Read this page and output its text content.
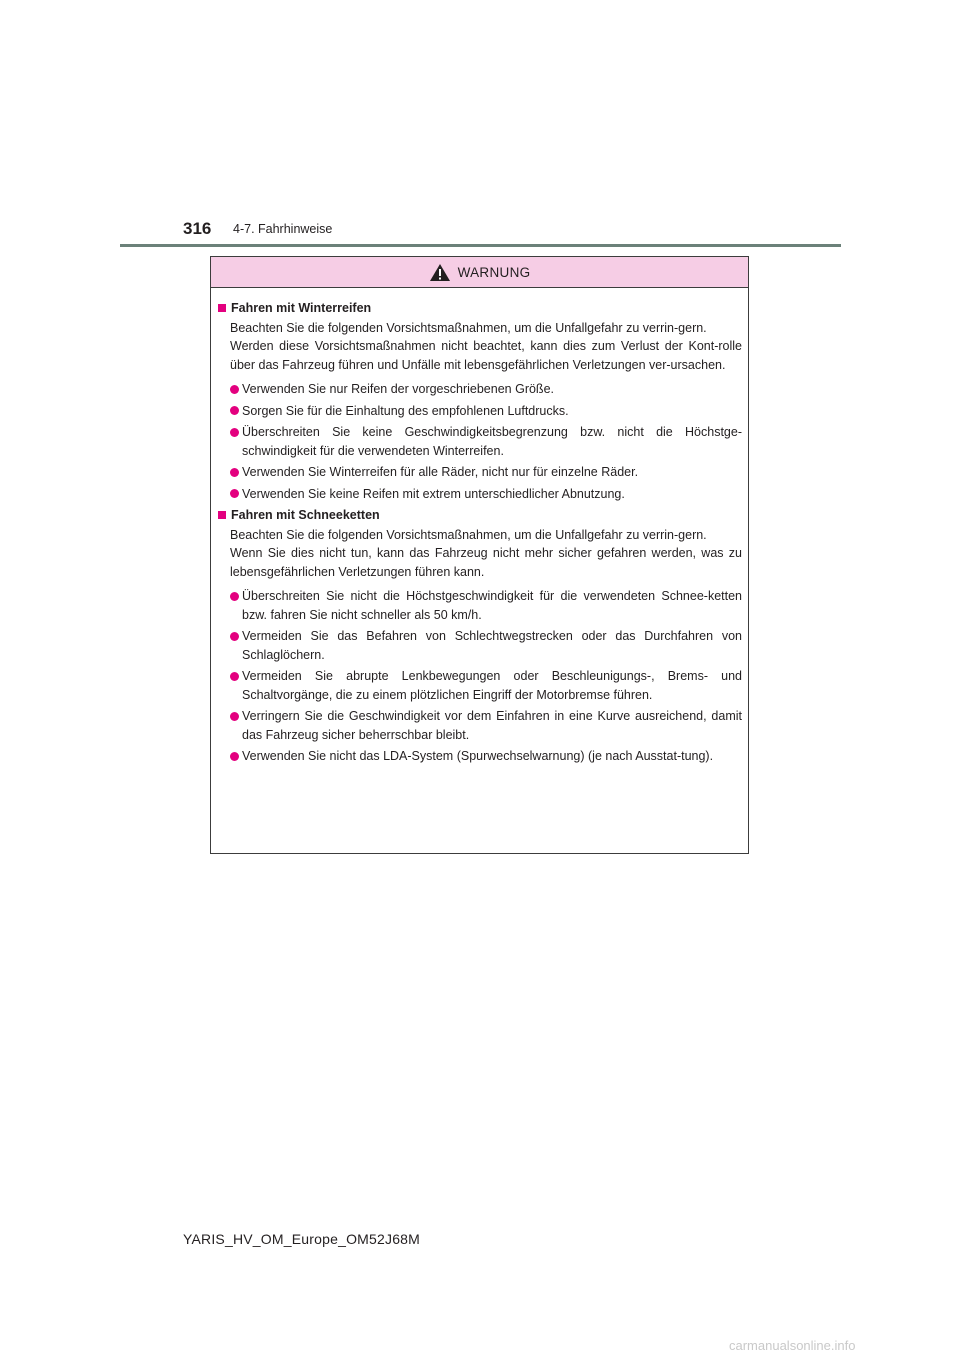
316 4-7. Fahrhinweise
WARNUNG
Fahren mit Winterreifen

Beachten Sie die folgenden Vorsichtsmaßnahmen, um die Unfallgefahr zu verrin-gern.

Werden diese Vorsichtsmaßnahmen nicht beachtet, kann dies zum Verlust der Kont-rolle über das Fahrzeug führen und Unfälle mit lebensgefährlichen Verletzungen ver-ursachen.

Verwenden Sie nur Reifen der vorgeschriebenen Größe.
Sorgen Sie für die Einhaltung des empfohlenen Luftdrucks.
Überschreiten Sie keine Geschwindigkeitsbegrenzung bzw. nicht die Höchstge-schwindigkeit für die verwendeten Winterreifen.
Verwenden Sie Winterreifen für alle Räder, nicht nur für einzelne Räder.
Verwenden Sie keine Reifen mit extrem unterschiedlicher Abnutzung.
Fahren mit Schneeketten

Beachten Sie die folgenden Vorsichtsmaßnahmen, um die Unfallgefahr zu verrin-gern.

Wenn Sie dies nicht tun, kann das Fahrzeug nicht mehr sicher gefahren werden, was zu lebensgefährlichen Verletzungen führen kann.

Überschreiten Sie nicht die Höchstgeschwindigkeit für die verwendeten Schnee-ketten bzw. fahren Sie nicht schneller als 50 km/h.
Vermeiden Sie das Befahren von Schlechtwegstrecken oder das Durchfahren von Schlaglöchern.
Vermeiden Sie abrupte Lenkbewegungen oder Beschleunigungs-, Brems- und Schaltvorgänge, die zu einem plötzlichen Eingriff der Motorbremse führen.
Verringern Sie die Geschwindigkeit vor dem Einfahren in eine Kurve ausreichend, damit das Fahrzeug sicher beherrschbar bleibt.
Verwenden Sie nicht das LDA-System (Spurwechselwarnung) (je nach Ausstat-tung).
YARIS_HV_OM_Europe_OM52J68M
carmanualsonline.info
